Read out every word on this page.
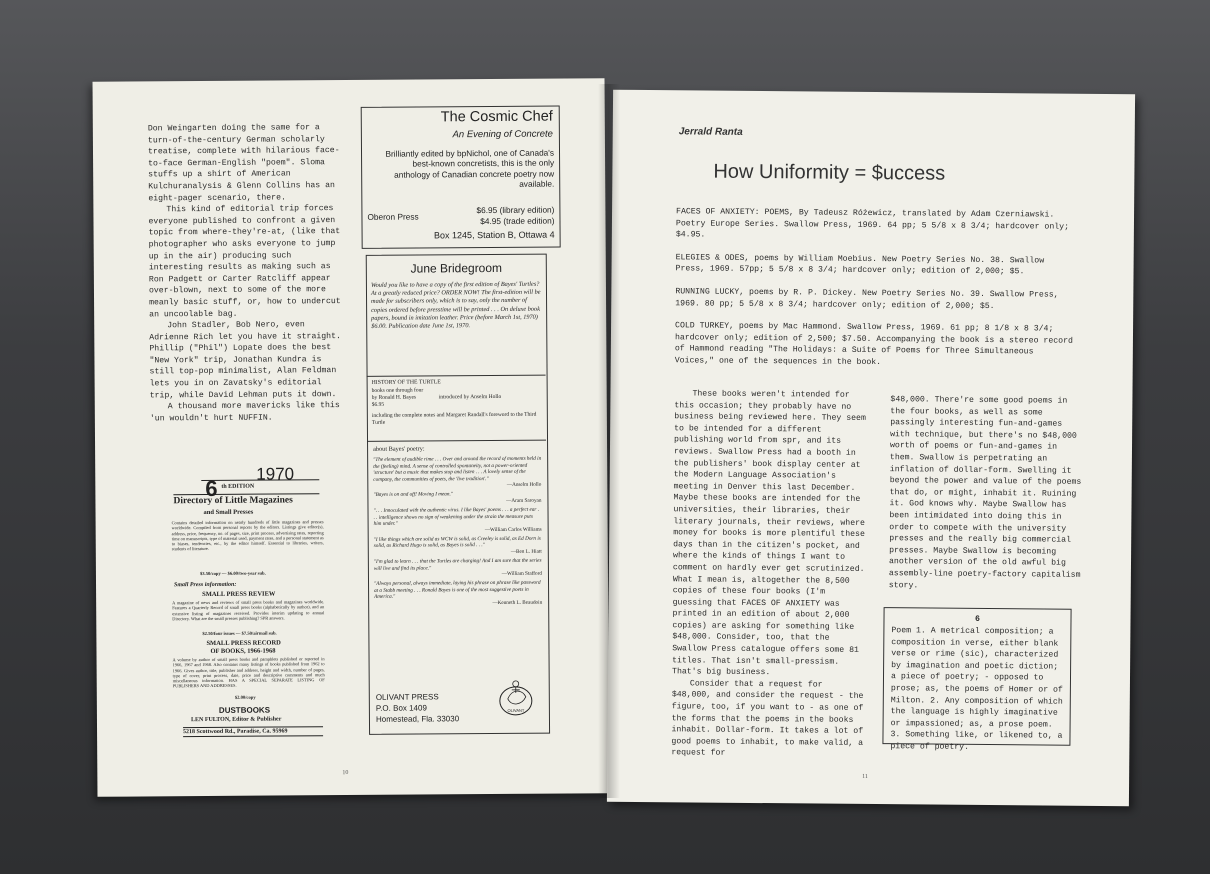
Don Weingarten doing the same for a turn-of-the-century German scholarly treatise, complete with hilarious face-to-face German-English "poem". Sloma stuffs up a shirt of American Kulchuranalysis & Glenn Collins has an eight-pager scenario, there.

This kind of editorial trip forces everyone published to confront a given topic from where-they're-at, (like that photographer who asks everyone to jump up in the air) producing such interesting results as making such as Ron Padgett or Carter Ratcliff appear over-blown, next to some of the more meanly basic stuff, or, how to undercut an uncoolable bag.

John Stadler, Bob Nero, even Adrienne Rich let you have it straight. Phillip ("Phil") Lopate does the best "New York" trip, Jonathan Kundra is still top-pop minimalist, Alan Feldman lets you in on Zavatsky's editorial trip, while David Lehman puts it down.

A thousand more mavericks like this 'un wouldn't hurt NUFFIN.

1970
6 th EDITION
Directory of Little Magazines
and Small Presses
Contains detailed information on nearly hundreds of little magazines and presses worldwide. Compiled from personal reports by the editors. Listings give editor(s), address, price, frequency, no. of pages, size, print process, advertising rates, reporting time on manuscripts, type of material used, payment rates, and a personal statement as to biases, tendencies, etc., by the editor himself. Essential to libraries, writers, students of literature.
$3.50/copy — $6.00/two-year sub.
Small Press information:
SMALL PRESS REVIEW
A magazine of news and reviews of small press books and magazines worldwide. Features a Quarterly Record of small press books (alphabetically by author), and an extensive listing of magazines received. Provides interim updating to annual Directory. What are the small presses publishing? SPR answers.
$2.50/four issues — $7.50/airmail sub.
SMALL PRESS RECORD
OF BOOKS, 1966-1968
A volume by author of small press books and pamphlets published or reported in 1966, 1967 and 1968. Also contains many listings of books published from 1962 to 1966. Gives author, title, publisher and address, height and width, number of pages, type of cover, print process, date, price and descriptive comments and much miscellaneous information. HAS A SPECIAL SEPARATE LISTING OF PUBLISHERS AND ADDRESSES.
$2.00/copy
DUSTBOOKS
LEN FULTON, Editor & Publisher
5218 Scottwood Rd., Paradise, Ca. 95969
The Cosmic Chef
An Evening of Concrete
Brilliantly edited by bpNichol, one of Canada's best-known concretists, this is the only anthology of Canadian concrete poetry now available.
$6.95 (library edition)
$4.95 (trade edition)
Oberon Press
Box 1245, Station B, Ottawa 4
June Bridegroom
Would you like to have a copy of the first edition of Bayes' Turtles? At a greatly reduced price? ORDER NOW! The first-edition will be made for subscribers only, which is to say, only the number of copies ordered before presstime will be printed . . . On deluxe book papers, bound in imitation leather. Price (before March 1st, 1970) $6.00. Publication date June 1st, 1970.
HISTORY OF THE TURTLE
books one through four
by Ronald H. Bayes	introduced by Anselm Hollo
$6.95
including the complete notes and Margaret Randall's foreword to the Third Turtle
about Bayes' poetry:
"The element of audible rime . . . Over and around the record of moments held in the (feeling) mind. A sense of controlled spontaneity, not a power-oriented 'structure' but a music that makes stop and listen . . . A lovely sense of the company, the communities of poets, the 'live tradition'."
—Anselm Hollo
"Bayes is on and off! Moving I mean."
—Aram Saroyan
". . . Innoculated with the authentic virus. I like Bayes' poems . . . a perfect ear . . . intelligence shows no sign of weakening under the strain the measure puts him under."
—William Carlos Williams
"I like things which are solid as WCW is solid, as Creeley is solid, as Ed Dorn is solid, as Richard Hugo is solid, as Bayes is solid . . ."
—Ben L. Hiatt
"I'm glad to learn . . . that the Turtles are charging! And I am sure that the series will live and find its place."
—William Stafford
"Always personal, always immediate, laying his phrase on phrase like password at a Stabb meeting . . . Ronald Bayes is one of the most suggestive poets in America."
—Kenneth L. Beaudoin
OLIVANT PRESS
P.O. Box 1409
Homestead, Fla. 33030
OLIVANT
10
Jerrald Ranta
How Uniformity = $uccess

FACES OF ANXIETY: POEMS, By Tadeusz Różewicz, translated by Adam Czerniawski. Poetry Europe Series. Swallow Press, 1969. 64 pp; 5 5/8 x 8 3/4; hardcover only; $4.95.

ELEGIES & ODES, poems by William Moebius. New Poetry Series No. 38. Swallow Press, 1969. 57pp; 5 5/8 x 8 3/4; hardcover only; edition of 2,000; $5.

RUNNING LUCKY, poems by R. P. Dickey. New Poetry Series No. 39. Swallow Press, 1969. 80 pp; 5 5/8 x 8 3/4; hardcover only; edition of 2,000; $5.

COLD TURKEY, poems by Mac Hammond. Swallow Press, 1969. 61 pp; 8 1/8 x 8 3/4; hardcover only; edition of 2,500; $7.50. Accompanying the book is a stereo record of Hammond reading "The Holidays: a Suite of Poems for Three Simultaneous Voices," one of the sequences in the book.

These books weren't intended for this occasion; they probably have no business being reviewed here. They seem to be intended for a different publishing world from spr, and its reviews. Swallow Press had a booth in the publishers' book display center at the Modern Language Association's meeting in Denver this last December. Maybe these books are intended for the universities, their libraries, their literary journals, their reviews, where money for books is more plentiful these days than in the citizen's pocket, and where the kinds of things I want to comment on hardly ever get scrutinized. What I mean is, altogether the 8,500 copies of these four books (I'm guessing that FACES OF ANXIETY was printed in an edition of about 2,000 copies) are asking for something like $48,000. Consider, too, that the Swallow Press catalogue offers some 81 titles. That isn't small-pressism. That's big business.

Consider that a request for $48,000, and consider the request - the figure, too, if you want to - as one of the forms that the poems in the books inhabit. Dollar-form. It takes a lot of good poems to inhabit, to make valid, a request for

$48,000. There're some good poems in the four books, as well as some passingly interesting fun-and-games with technique, but there's no $48,000 worth of poems or fun-and-games in them. Swallow is perpetrating an inflation of dollar-form. Swelling it beyond the power and value of the poems that do, or might, inhabit it. Ruining it. God knows why. Maybe Swallow has been intimidated into doing this in order to compete with the university presses and the really big commercial presses. Maybe Swallow is becoming another version of the old awful big assembly-line poetry-factory capitalism story.

6
Poem 1. A metrical composition; a composition in verse, either blank verse or rime (sic), characterized by imagination and poetic diction; a piece of poetry; - opposed to prose; as, the poems of Homer or of Milton. 2. Any composition of which the language is highly imaginative or impassioned; as, a prose poem. 3. Something like, or likened to, a piece of poetry.
11
